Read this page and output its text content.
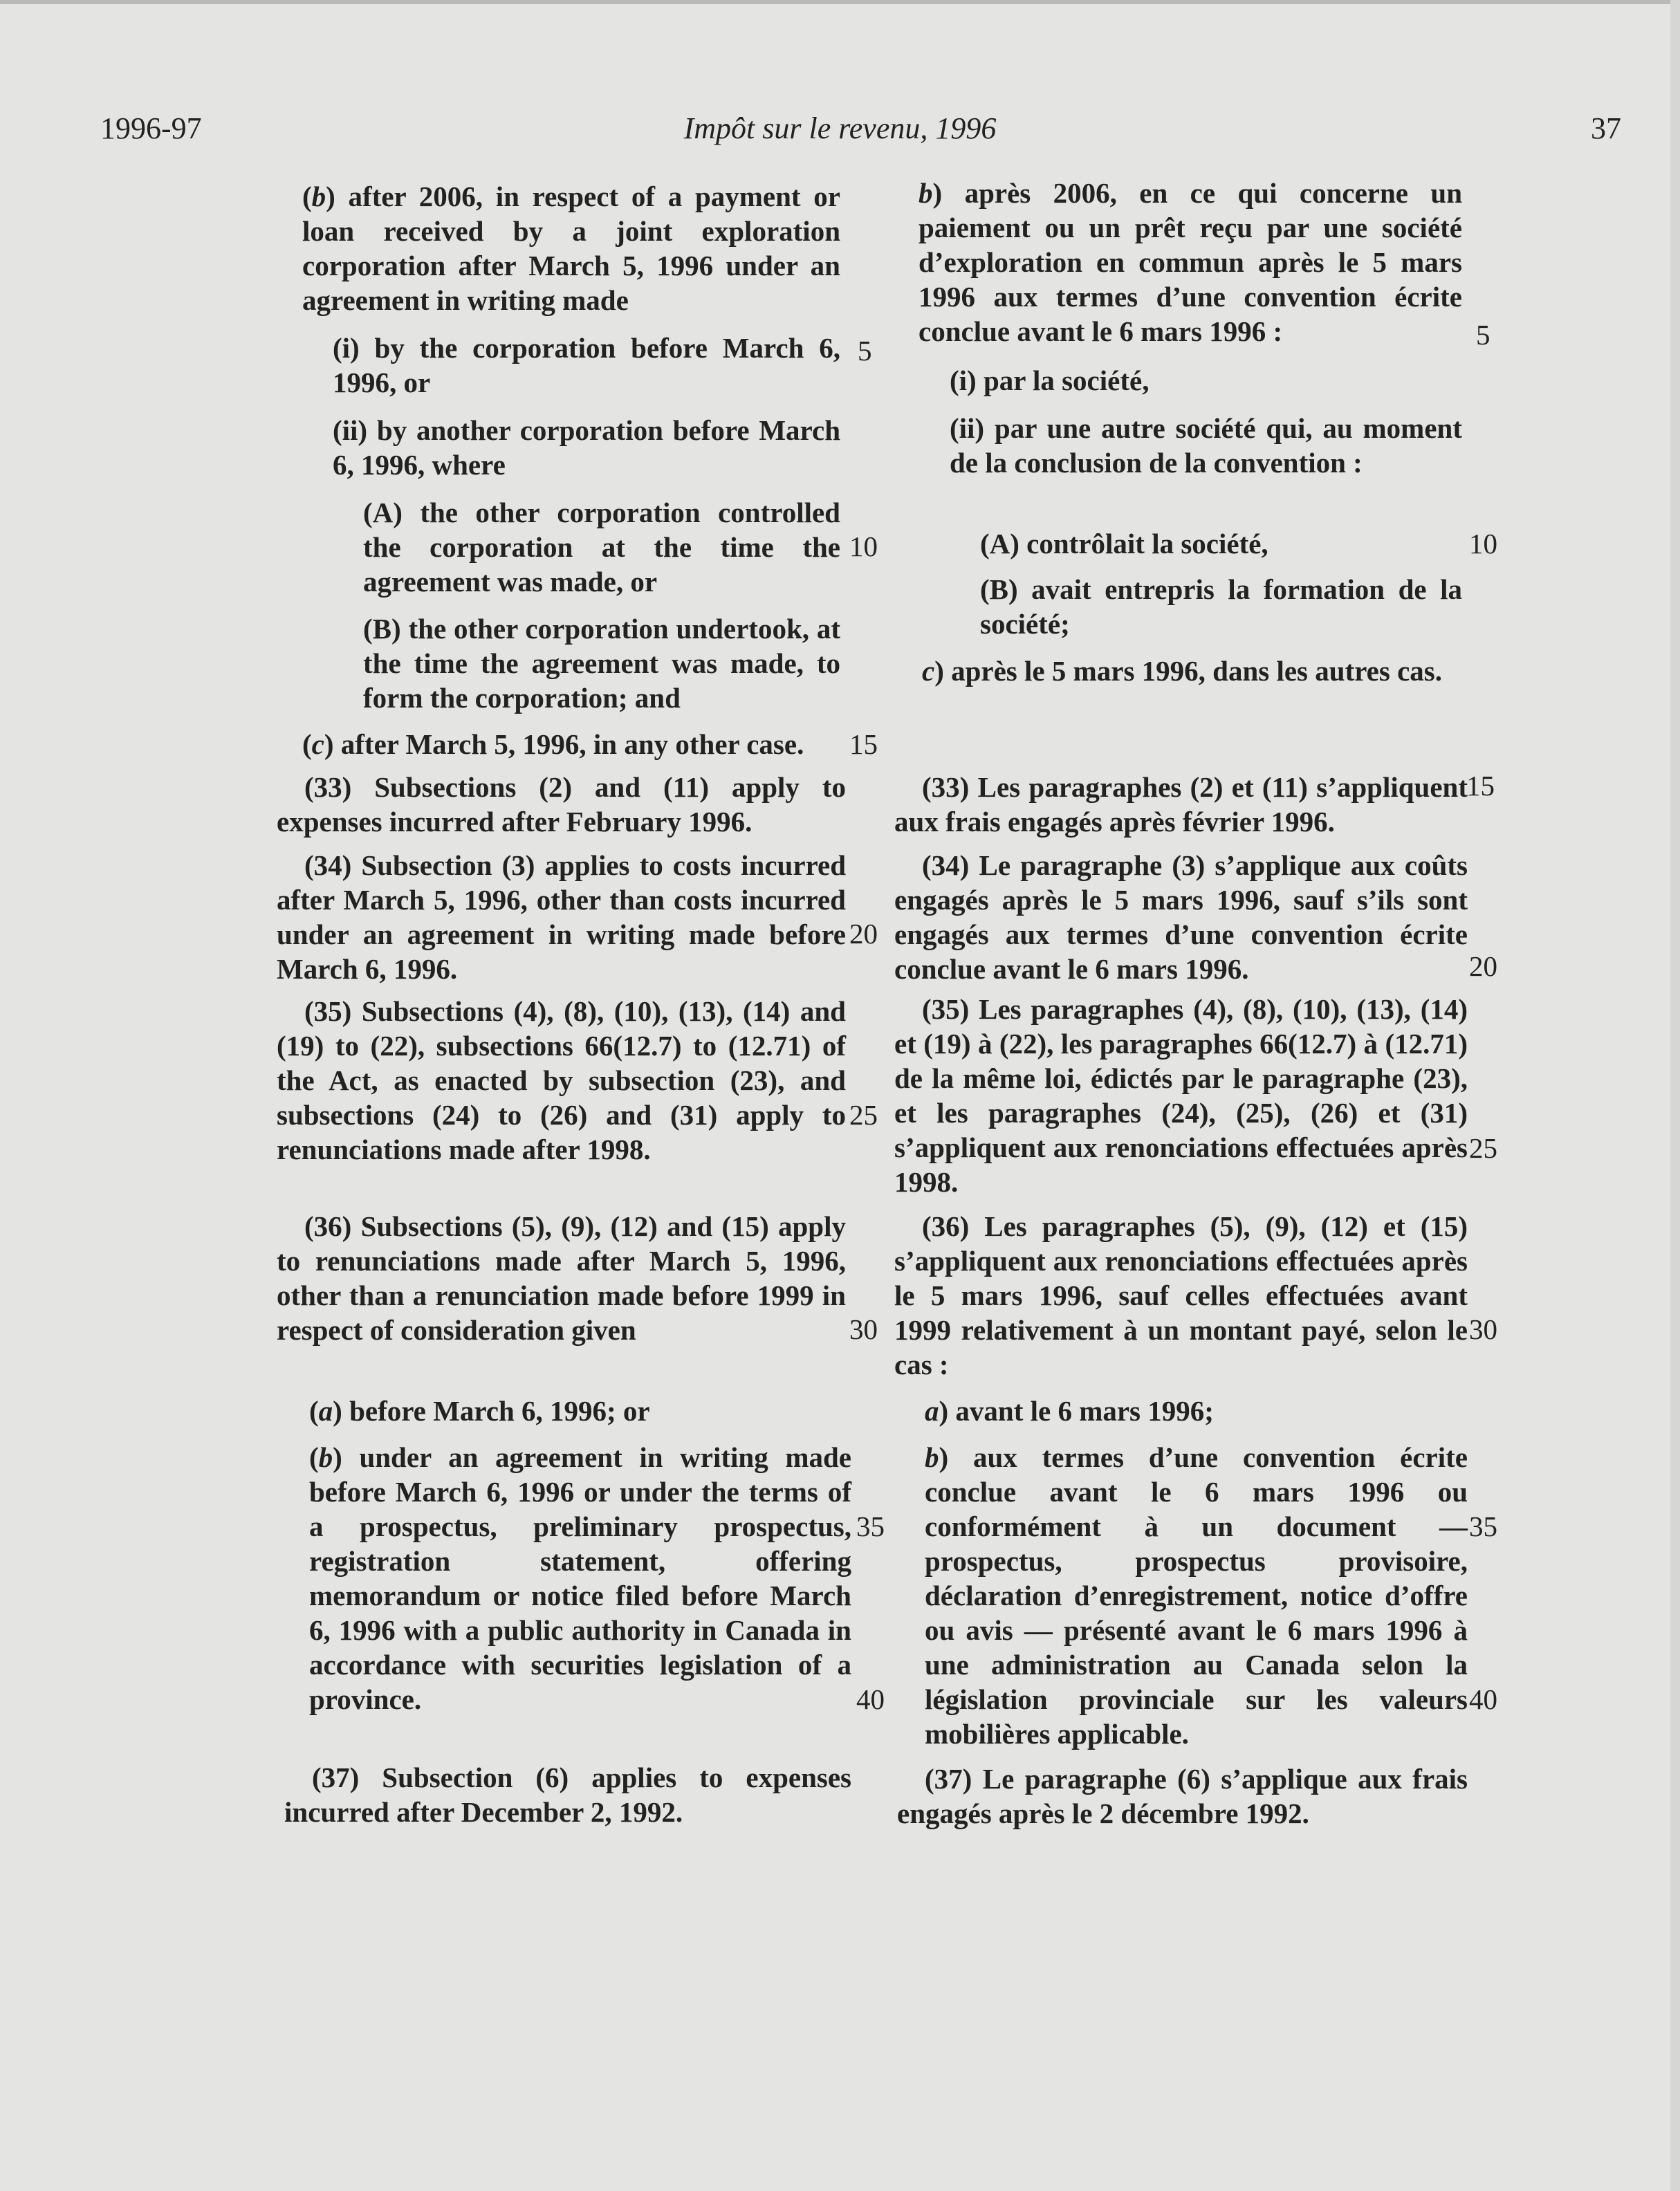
1996-97	Impôt sur le revenu, 1996	37

(b) after 2006, in respect of a payment or loan received by a joint exploration corporation after March 5, 1996 under an agreement in writing made

(i) by the corporation before March 6, 1996, or

(ii) by another corporation before March 6, 1996, where

(A) the other corporation controlled the corporation at the time the agreement was made, or

(B) the other corporation undertook, at the time the agreement was made, to form the corporation; and

(c) after March 5, 1996, in any other case.

(33) Subsections (2) and (11) apply to expenses incurred after February 1996.

(34) Subsection (3) applies to costs incurred after March 5, 1996, other than costs incurred under an agreement in writing made before March 6, 1996.

(35) Subsections (4), (8), (10), (13), (14) and (19) to (22), subsections 66(12.7) to (12.71) of the Act, as enacted by subsection (23), and subsections (24) to (26) and (31) apply to renunciations made after 1998.

(36) Subsections (5), (9), (12) and (15) apply to renunciations made after March 5, 1996, other than a renunciation made before 1999 in respect of consideration given

(a) before March 6, 1996; or

(b) under an agreement in writing made before March 6, 1996 or under the terms of a prospectus, preliminary prospectus, registration statement, offering memorandum or notice filed before March 6, 1996 with a public authority in Canada in accordance with securities legislation of a province.

(37) Subsection (6) applies to expenses incurred after December 2, 1992.

5
10
15
20
25
30
35
40

b) après 2006, en ce qui concerne un paiement ou un prêt reçu par une société d’exploration en commun après le 5 mars 1996 aux termes d’une convention écrite conclue avant le 6 mars 1996 :

(i) par la société,

(ii) par une autre société qui, au moment de la conclusion de la convention :

(A) contrôlait la société,

(B) avait entrepris la formation de la société;

c) après le 5 mars 1996, dans les autres cas.

(33) Les paragraphes (2) et (11) s’appliquent aux frais engagés après février 1996.

(34) Le paragraphe (3) s’applique aux coûts engagés après le 5 mars 1996, sauf s’ils sont engagés aux termes d’une convention écrite conclue avant le 6 mars 1996.

(35) Les paragraphes (4), (8), (10), (13), (14) et (19) à (22), les paragraphes 66(12.7) à (12.71) de la même loi, édictés par le paragraphe (23), et les paragraphes (24), (25), (26) et (31) s’appliquent aux renonciations effectuées après 1998.

(36) Les paragraphes (5), (9), (12) et (15) s’appliquent aux renonciations effectuées après le 5 mars 1996, sauf celles effectuées avant 1999 relativement à un montant payé, selon le cas :

a) avant le 6 mars 1996;

b) aux termes d’une convention écrite conclue avant le 6 mars 1996 ou conformément à un document — prospectus, prospectus provisoire, déclaration d’enregistrement, notice d’offre ou avis — présenté avant le 6 mars 1996 à une administration au Canada selon la législation provinciale sur les valeurs mobilières applicable.

(37) Le paragraphe (6) s’applique aux frais engagés après le 2 décembre 1992.

5
10
15
20
25
30
35
40
